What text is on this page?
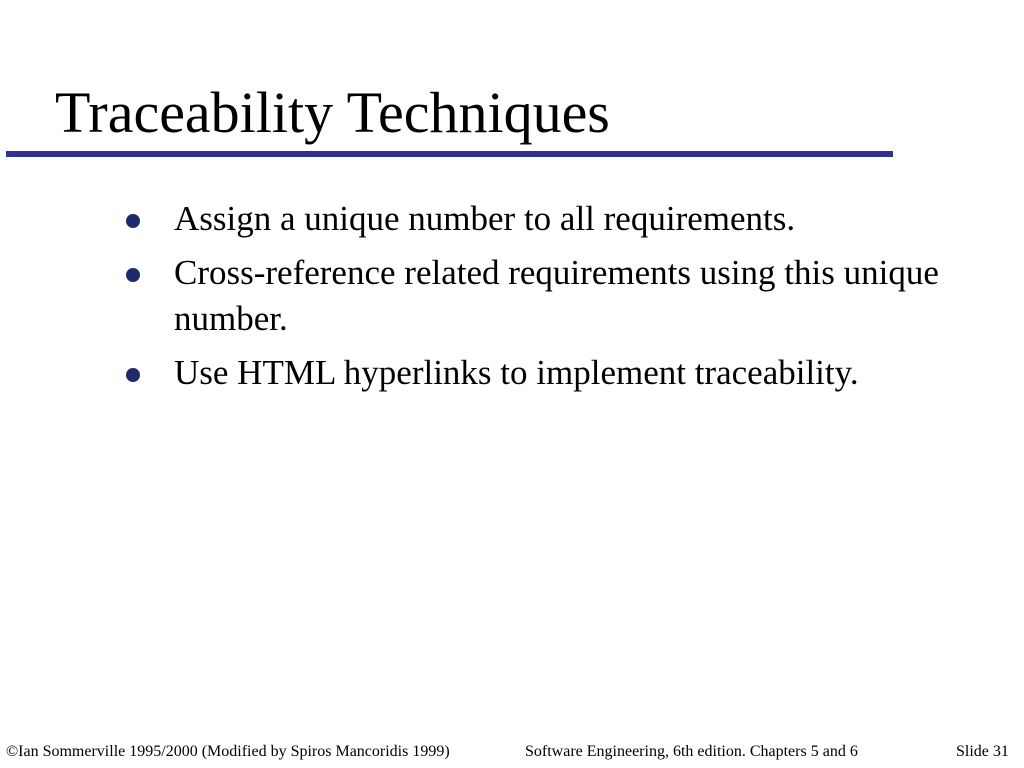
Traceability Techniques
Assign a unique number to all requirements.
Cross-reference related requirements using this unique number.
Use HTML hyperlinks to implement traceability.
©Ian Sommerville 1995/2000 (Modified by Spiros Mancoridis 1999)	Software Engineering, 6th edition. Chapters 5 and 6	Slide 31
